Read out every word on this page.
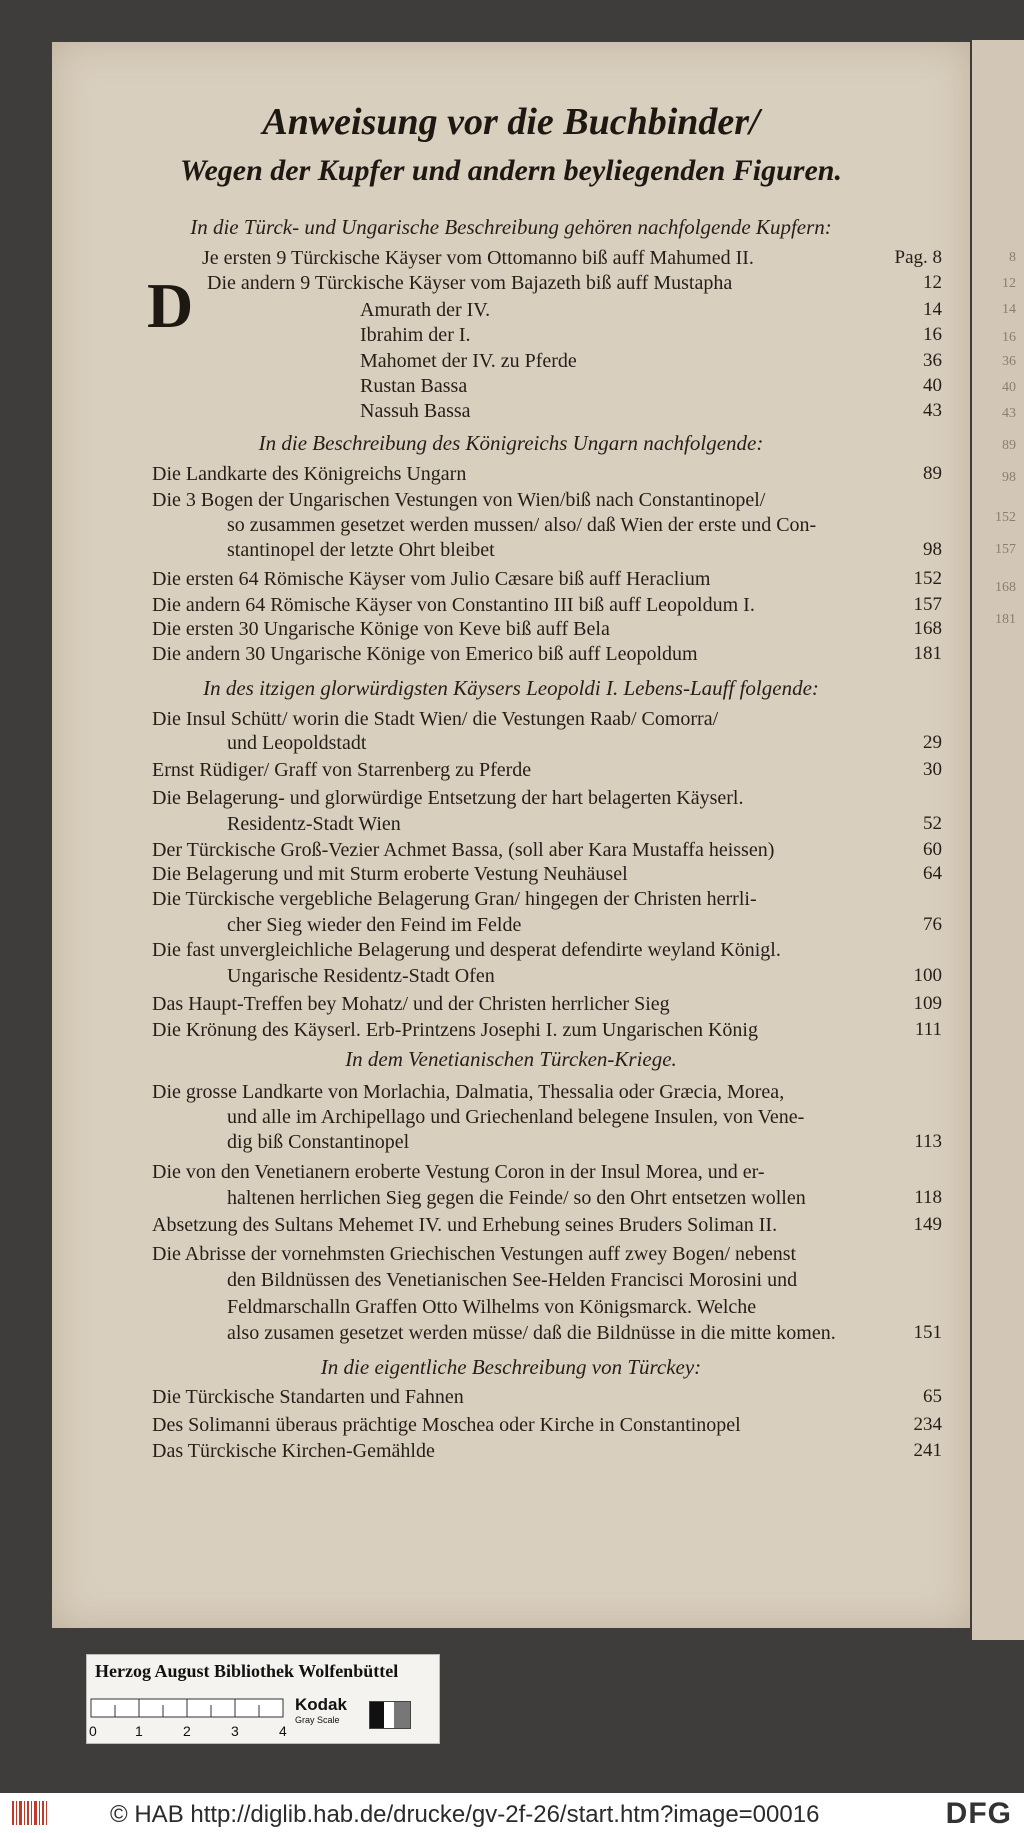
Anweisung vor die Buchbinder/
Wegen der Kupfer und andern beyliegenden Figuren.
D
In die Türck- und Ungarische Beschreibung gehören nachfolgende Kupfern:
Je ersten 9 Türckische Käyser vom Ottomanno biß auff Mahumed II.	Pag. 8
Die andern 9 Türckische Käyser vom Bajazeth biß auff Mustapha	12
Amurath der IV.	14
Ibrahim der I.	16
Mahomet der IV. zu Pferde	36
Rustan Bassa	40
Nassuh Bassa	43
In die Beschreibung des Königreichs Ungarn nachfolgende:
Die Landkarte des Königreichs Ungarn	89
Die 3 Bogen der Ungarischen Vestungen von Wien/biß nach Constantinopel/
so zusammen gesetzet werden mussen/ also/ daß Wien der erste und Con-
stantinopel der letzte Ohrt bleibet	98
Die ersten 64 Römische Käyser vom Julio Cæsare biß auff Heraclium	152
Die andern 64 Römische Käyser von Constantino III biß auff Leopoldum I.	157
Die ersten 30 Ungarische Könige von Keve biß auff Bela	168
Die andern 30 Ungarische Könige von Emerico biß auff Leopoldum	181
In des itzigen glorwürdigsten Käysers Leopoldi I. Lebens-Lauff folgende:
Die Insul Schütt/ worin die Stadt Wien/ die Vestungen Raab/ Comorra/
und Leopoldstadt	29
Ernst Rüdiger/ Graff von Starrenberg zu Pferde	30
Die Belagerung- und glorwürdige Entsetzung der hart belagerten Käyserl.
Residentz-Stadt Wien	52
Der Türckische Groß-Vezier Achmet Bassa, (soll aber Kara Mustaffa heissen)	60
Die Belagerung und mit Sturm eroberte Vestung Neuhäusel	64
Die Türckische vergebliche Belagerung Gran/ hingegen der Christen herrli-
cher Sieg wieder den Feind im Felde	76
Die fast unvergleichliche Belagerung und desperat defendirte weyland Königl.
Ungarische Residentz-Stadt Ofen	100
Das Haupt-Treffen bey Mohatz/ und der Christen herrlicher Sieg	109
Die Krönung des Käyserl. Erb-Printzens Josephi I. zum Ungarischen König	111
In dem Venetianischen Türcken-Kriege.
Die grosse Landkarte von Morlachia, Dalmatia, Thessalia oder Græcia, Morea,
und alle im Archipellago und Griechenland belegene Insulen, von Vene-
dig biß Constantinopel	113
Die von den Venetianern eroberte Vestung Coron in der Insul Morea, und er-
haltenen herrlichen Sieg gegen die Feinde/ so den Ohrt entsetzen wollen	118
Absetzung des Sultans Mehemet IV. und Erhebung seines Bruders Soliman II.	149
Die Abrisse der vornehmsten Griechischen Vestungen auff zwey Bogen/ nebenst
den Bildnüssen des Venetianischen See-Helden Francisci Morosini und
Feldmarschalln Graffen Otto Wilhelms von Königsmarck. Welche
also zusamen gesetzet werden müsse/ daß die Bildnüsse in die mitte komen.	151
In die eigentliche Beschreibung von Türckey:
Die Türckische Standarten und Fahnen	65
Des Solimanni überaus prächtige Moschea oder Kirche in Constantinopel	234
Das Türckische Kirchen-Gemählde	241
8
12
14
16
36
40
43
89
98
152
157
168
181
Herzog August Bibliothek Wolfenbüttel
0	1	2	3	4
Kodak
Gray Scale
© HAB http://diglib.hab.de/drucke/gv-2f-26/start.htm?image=00016	DFG
